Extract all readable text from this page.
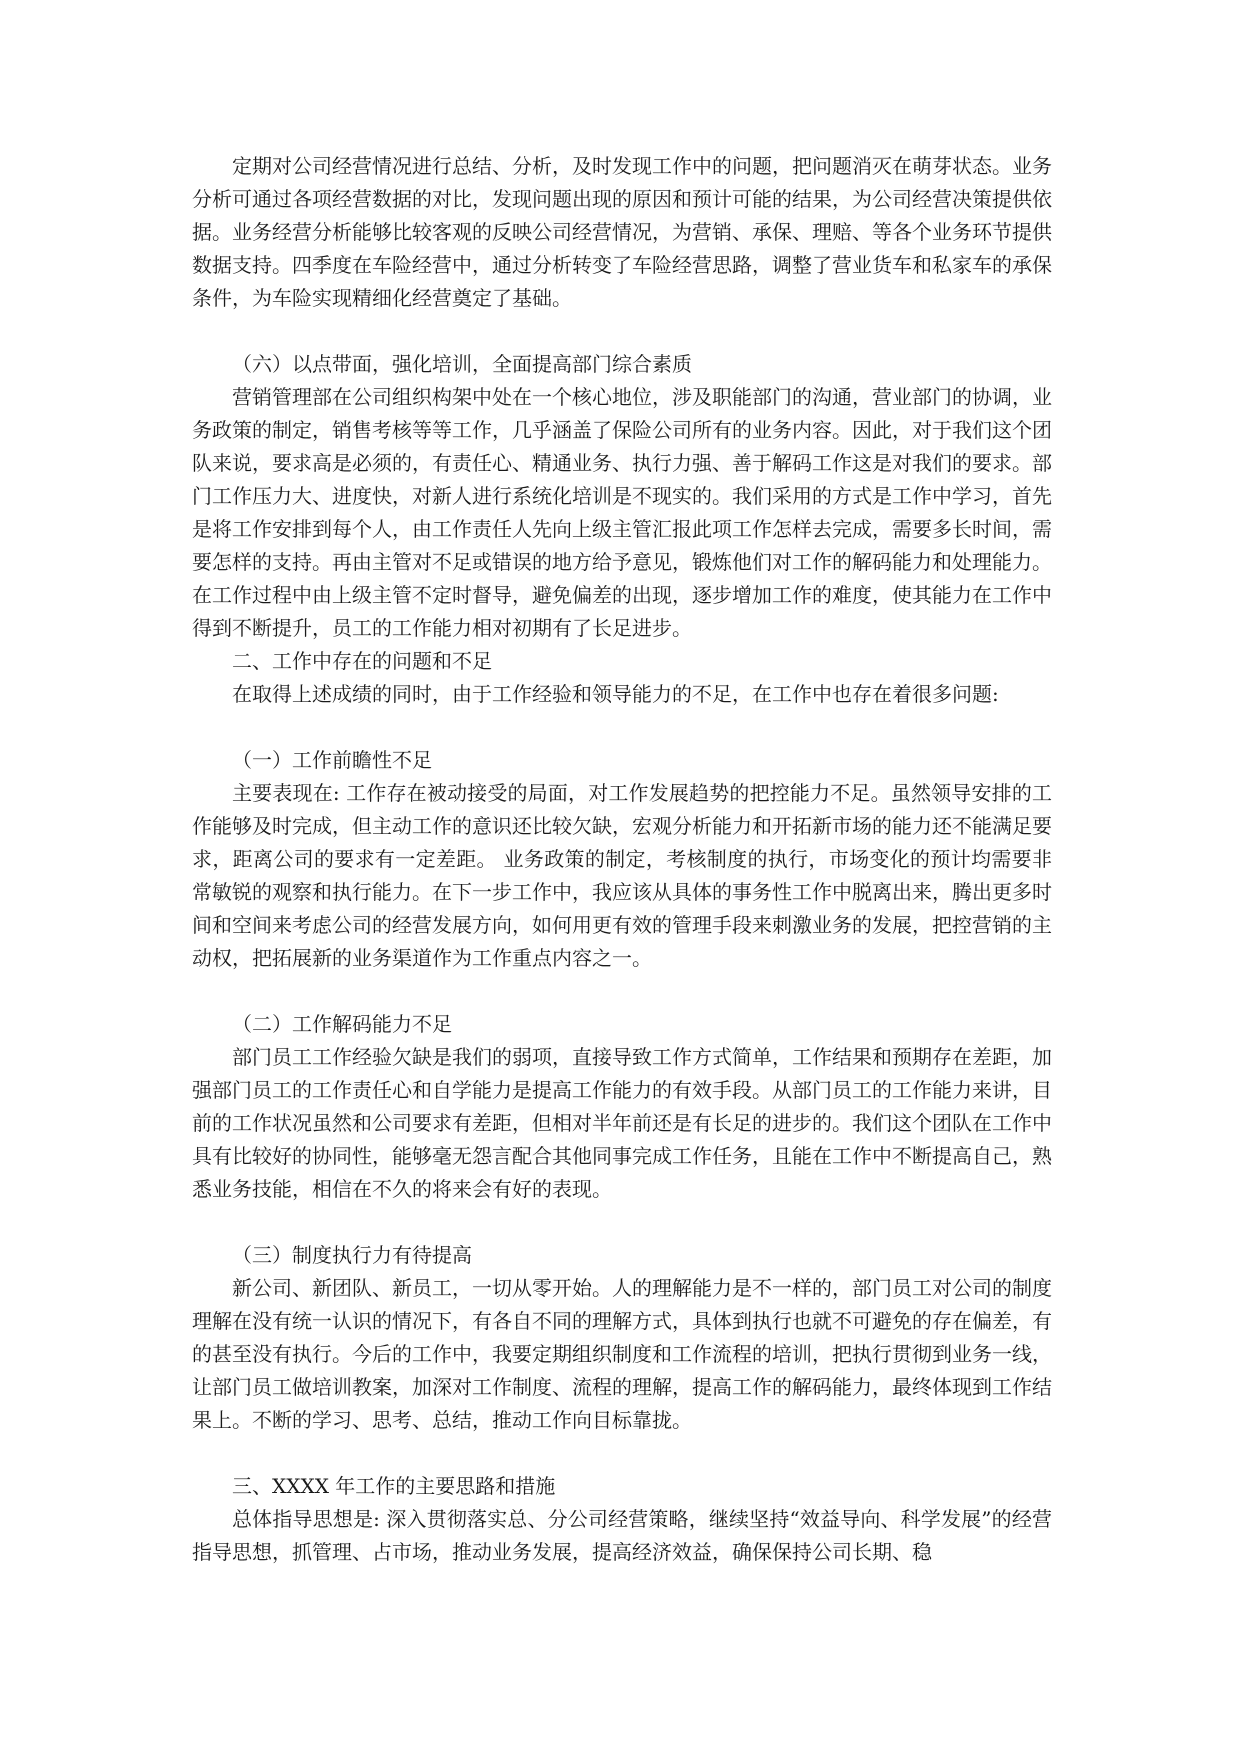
定期对公司经营情况进行总结、分析，及时发现工作中的问题，把问题消灭在萌芽状态。业务分析可通过各项经营数据的对比，发现问题出现的原因和预计可能的结果，为公司经营决策提供依据。业务经营分析能够比较客观的反映公司经营情况，为营销、承保、理赔、等各个业务环节提供数据支持。四季度在车险经营中，通过分析转变了车险经营思路，调整了营业货车和私家车的承保条件，为车险实现精细化经营奠定了基础。

（六）以点带面，强化培训，全面提高部门综合素质

营销管理部在公司组织构架中处在一个核心地位，涉及职能部门的沟通，营业部门的协调，业务政策的制定，销售考核等等工作，几乎涵盖了保险公司所有的业务内容。因此，对于我们这个团队来说，要求高是必须的，有责任心、精通业务、执行力强、善于解码工作这是对我们的要求。部门工作压力大、进度快，对新人进行系统化培训是不现实的。我们采用的方式是工作中学习，首先是将工作安排到每个人，由工作责任人先向上级主管汇报此项工作怎样去完成，需要多长时间，需要怎样的支持。再由主管对不足或错误的地方给予意见，锻炼他们对工作的解码能力和处理能力。在工作过程中由上级主管不定时督导，避免偏差的出现，逐步增加工作的难度，使其能力在工作中得到不断提升，员工的工作能力相对初期有了长足进步。

二、工作中存在的问题和不足

在取得上述成绩的同时，由于工作经验和领导能力的不足，在工作中也存在着很多问题:

（一）工作前瞻性不足

主要表现在: 工作存在被动接受的局面，对工作发展趋势的把控能力不足。虽然领导安排的工作能够及时完成，但主动工作的意识还比较欠缺，宏观分析能力和开拓新市场的能力还不能满足要求，距离公司的要求有一定差距。 业务政策的制定，考核制度的执行，市场变化的预计均需要非常敏锐的观察和执行能力。在下一步工作中，我应该从具体的事务性工作中脱离出来，腾出更多时间和空间来考虑公司的经营发展方向，如何用更有效的管理手段来刺激业务的发展，把控营销的主动权，把拓展新的业务渠道作为工作重点内容之一。

（二）工作解码能力不足

部门员工工作经验欠缺是我们的弱项，直接导致工作方式简单，工作结果和预期存在差距，加强部门员工的工作责任心和自学能力是提高工作能力的有效手段。从部门员工的工作能力来讲，目前的工作状况虽然和公司要求有差距，但相对半年前还是有长足的进步的。我们这个团队在工作中具有比较好的协同性，能够毫无怨言配合其他同事完成工作任务，且能在工作中不断提高自己，熟悉业务技能，相信在不久的将来会有好的表现。

（三）制度执行力有待提高

新公司、新团队、新员工，一切从零开始。人的理解能力是不一样的，部门员工对公司的制度理解在没有统一认识的情况下，有各自不同的理解方式，具体到执行也就不可避免的存在偏差，有的甚至没有执行。今后的工作中，我要定期组织制度和工作流程的培训，把执行贯彻到业务一线，让部门员工做培训教案，加深对工作制度、流程的理解，提高工作的解码能力，最终体现到工作结果上。不断的学习、思考、总结，推动工作向目标靠拢。

三、XXXX 年工作的主要思路和措施

总体指导思想是: 深入贯彻落实总、分公司经营策略，继续坚持“效益导向、科学发展”的经营指导思想，抓管理、占市场，推动业务发展，提高经济效益，确保保持公司长期、稳
